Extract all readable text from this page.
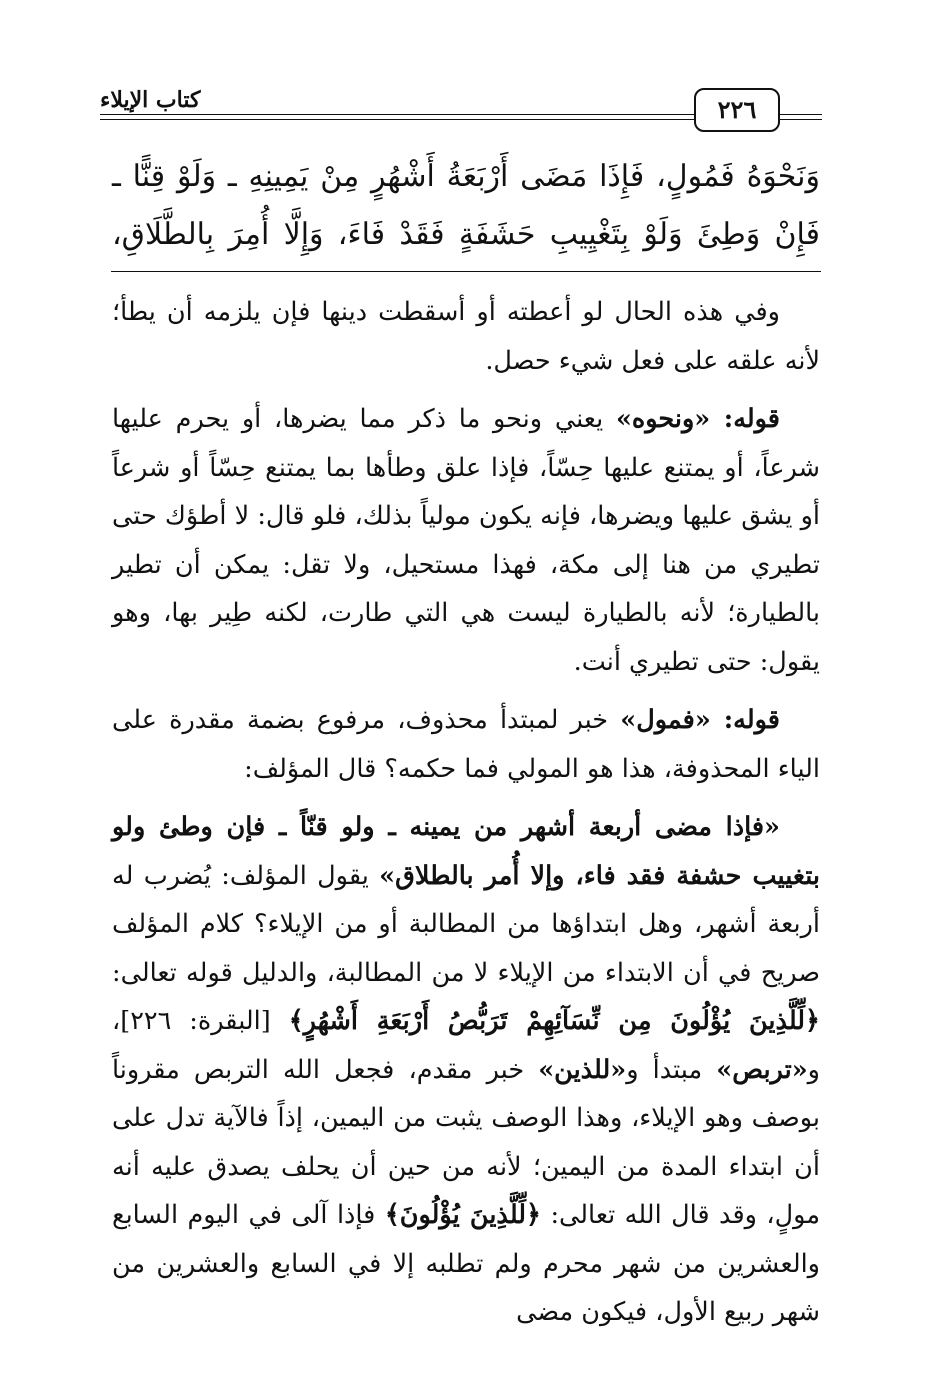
كتاب الإيلاء	٢٢٦

وَنَحْوَهُ فَمُولٍ، فَإِذَا مَضَى أَرْبَعَةُ أَشْهُرٍ مِنْ يَمِينِهِ ـ وَلَوْ قِنًّا ـ

فَإِنْ وَطِئَ وَلَوْ بِتَغْيِيبِ حَشَفَةٍ فَقَدْ فَاءَ، وَإِلَّا أُمِرَ بِالطَّلَاقِ،

وفي هذه الحال لو أعطته أو أسقطت دينها فإن يلزمه أن يطأ؛ لأنه علقه على فعل شيء حصل.

قوله: «ونحوه» يعني ونحو ما ذكر مما يضرها، أو يحرم عليها شرعاً، أو يمتنع عليها حِسّاً، فإذا علق وطأها بما يمتنع حِسّاً أو شرعاً أو يشق عليها ويضرها، فإنه يكون مولياً بذلك، فلو قال: لا أطؤك حتى تطيري من هنا إلى مكة، فهذا مستحيل، ولا تقل: يمكن أن تطير بالطيارة؛ لأنه بالطيارة ليست هي التي طارت، لكنه طِير بها، وهو يقول: حتى تطيري أنت.

قوله: «فمول» خبر لمبتدأ محذوف، مرفوع بضمة مقدرة على الياء المحذوفة، هذا هو المولي فما حكمه؟ قال المؤلف:

«فإذا مضى أربعة أشهر من يمينه ـ ولو قنّاً ـ فإن وطئ ولو بتغييب حشفة فقد فاء، وإلا أُمر بالطلاق» يقول المؤلف: يُضرب له أربعة أشهر، وهل ابتداؤها من المطالبة أو من الإيلاء؟ كلام المؤلف صريح في أن الابتداء من الإيلاء لا من المطالبة، والدليل قوله تعالى: ﴿لِّلَّذِينَ يُؤْلُونَ مِن نِّسَآئِهِمْ تَرَبُّصُ أَرْبَعَةِ أَشْهُرٍ﴾ [البقرة: ٢٢٦]، و«تربص» مبتدأ و«للذين» خبر مقدم، فجعل الله التربص مقروناً بوصف وهو الإيلاء، وهذا الوصف يثبت من اليمين، إذاً فالآية تدل على أن ابتداء المدة من اليمين؛ لأنه من حين أن يحلف يصدق عليه أنه مولٍ، وقد قال الله تعالى: ﴿لِّلَّذِينَ يُؤْلُونَ﴾ فإذا آلى في اليوم السابع والعشرين من شهر محرم ولم تطلبه إلا في السابع والعشرين من شهر ربيع الأول، فيكون مضى
